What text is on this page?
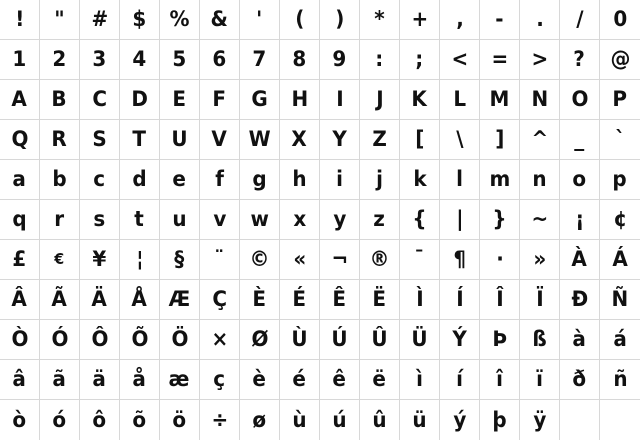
! " # $ % & ' ( ) * + , - . / 0
1 2 3 4 5 6 7 8 9 : ; < = > ? @
A B C D E F G H I J K L M N O P
Q R S T U V W X Y Z [ \ ] ^ _ `
a b c d e f g h i j k l m n o p
q r s t u v w x y z { | } ~ ¡ ¢
£ € ¥ ¦ § ¨ © « ¬ ® ¯ ¶ · » À Á
Â Ã Ä Å Æ Ç È É Ê Ë Ì Í Î Ï Ð Ñ
Ò Ó Ô Õ Ö × Ø Ù Ú Û Ü Ý Þ ß à á
â ã ä å æ ç è é ê ë ì í î ï ð ñ
ò ó ô õ ö ÷ ø ù ú û ü ý þ ÿ
